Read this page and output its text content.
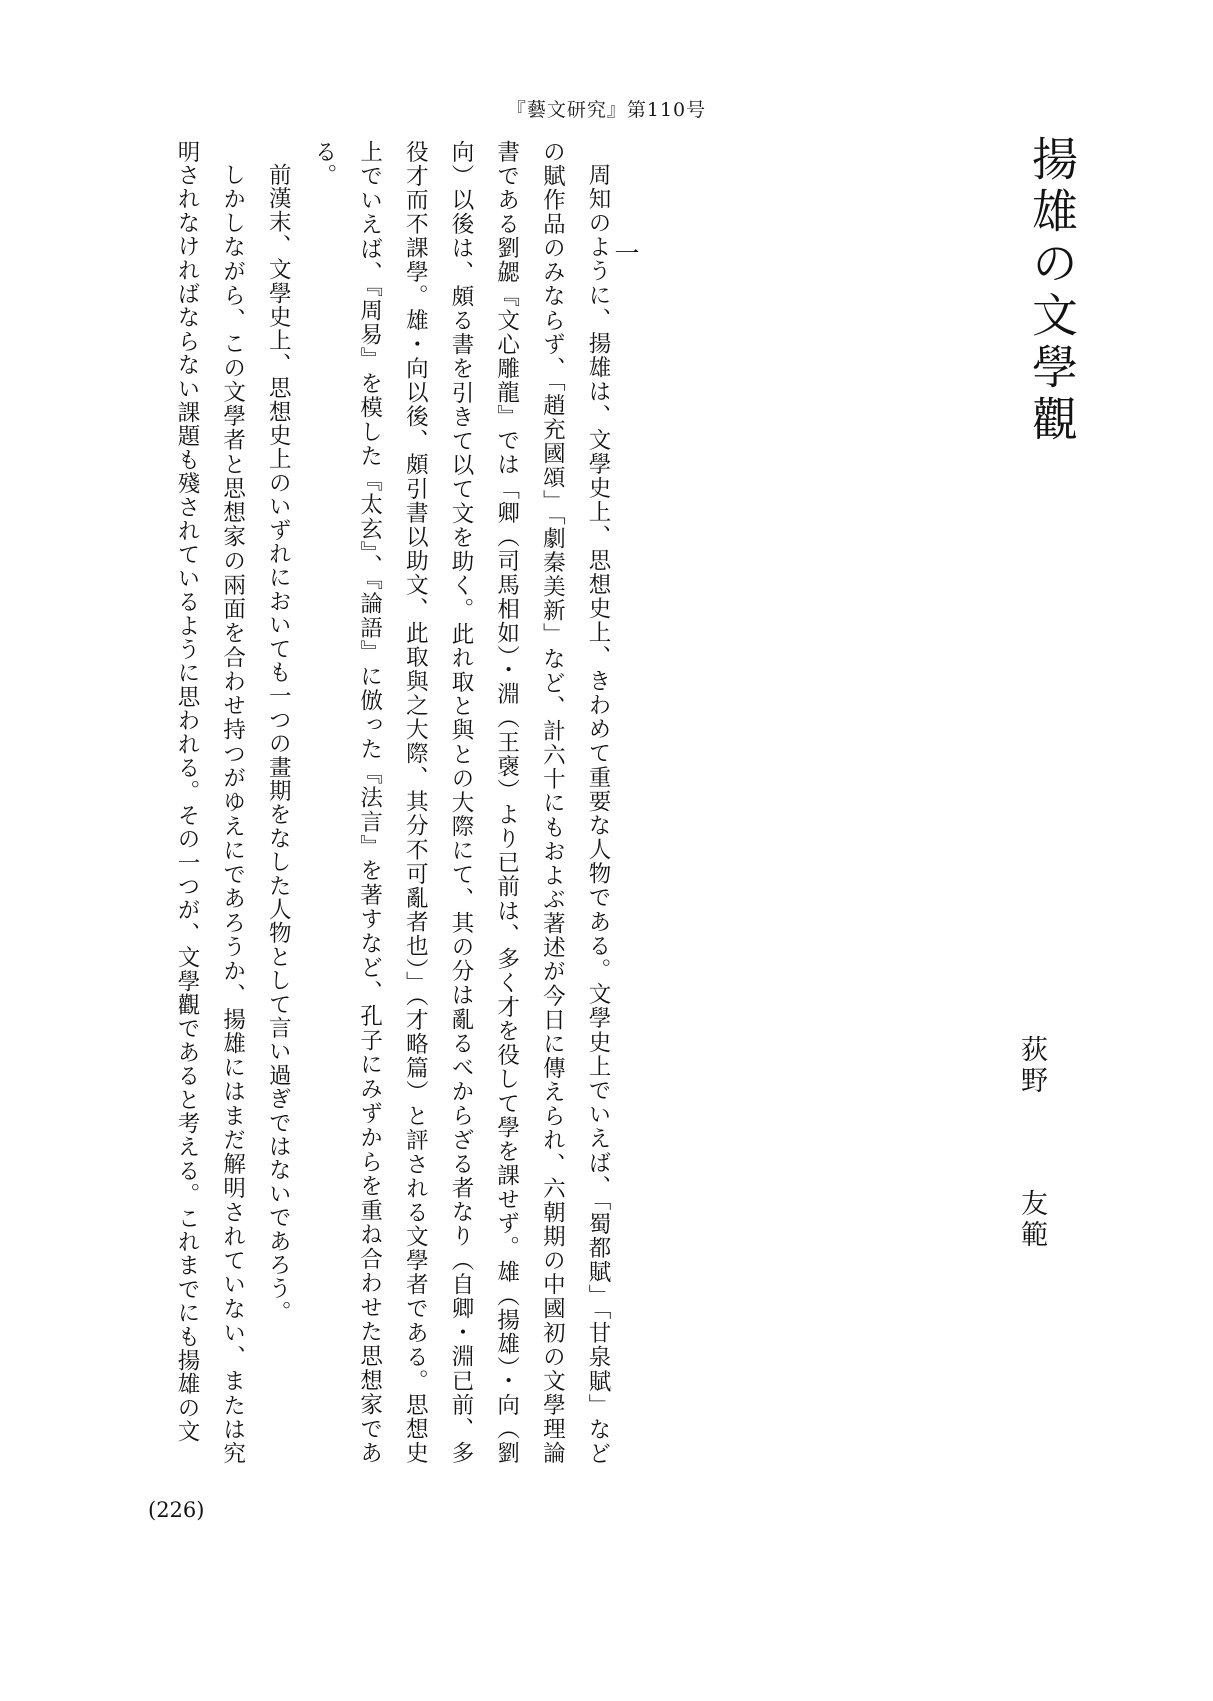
『藝文研究』第110号
揚雄の文學觀
荻野  友範
一

周知のように、揚雄は、文學史上、思想史上、きわめて重要な人物である。文學史上でいえば、「蜀都賦」「甘泉賦」などの賦作品のみならず、「趙充國頌」「劇秦美新」など、計六十にもおよぶ著述が今日に傳えられ、六朝期の中國初の文學理論書である劉勰『文心雕龍』では「卿（司馬相如）・淵（王襃）より已前は、多く才を役して學を課せず。雄（揚雄）・向（劉向）以後は、頗る書を引きて以て文を助く。此れ取と與との大際にて、其の分は亂るべからざる者なり（自卿・淵已前、多役才而不課學。雄・向以後、頗引書以助文、此取與之大際、其分不可亂者也）」（才略篇）と評される文學者である。思想史上でいえば、『周易』を模した『太玄』、『論語』に倣った『法言』を著すなど、孔子にみずからを重ね合わせた思想家である。

前漢末、文學史上、思想史上のいずれにおいても一つの畫期をなした人物として言い過ぎではないであろう。

しかしながら、この文學者と思想家の兩面を合わせ持つがゆえにであろうか、揚雄にはまだ解明されていない、または究明されなければならない課題も殘されているように思われる。その一つが、文學觀であると考える。これまでにも揚雄の文

(226)
